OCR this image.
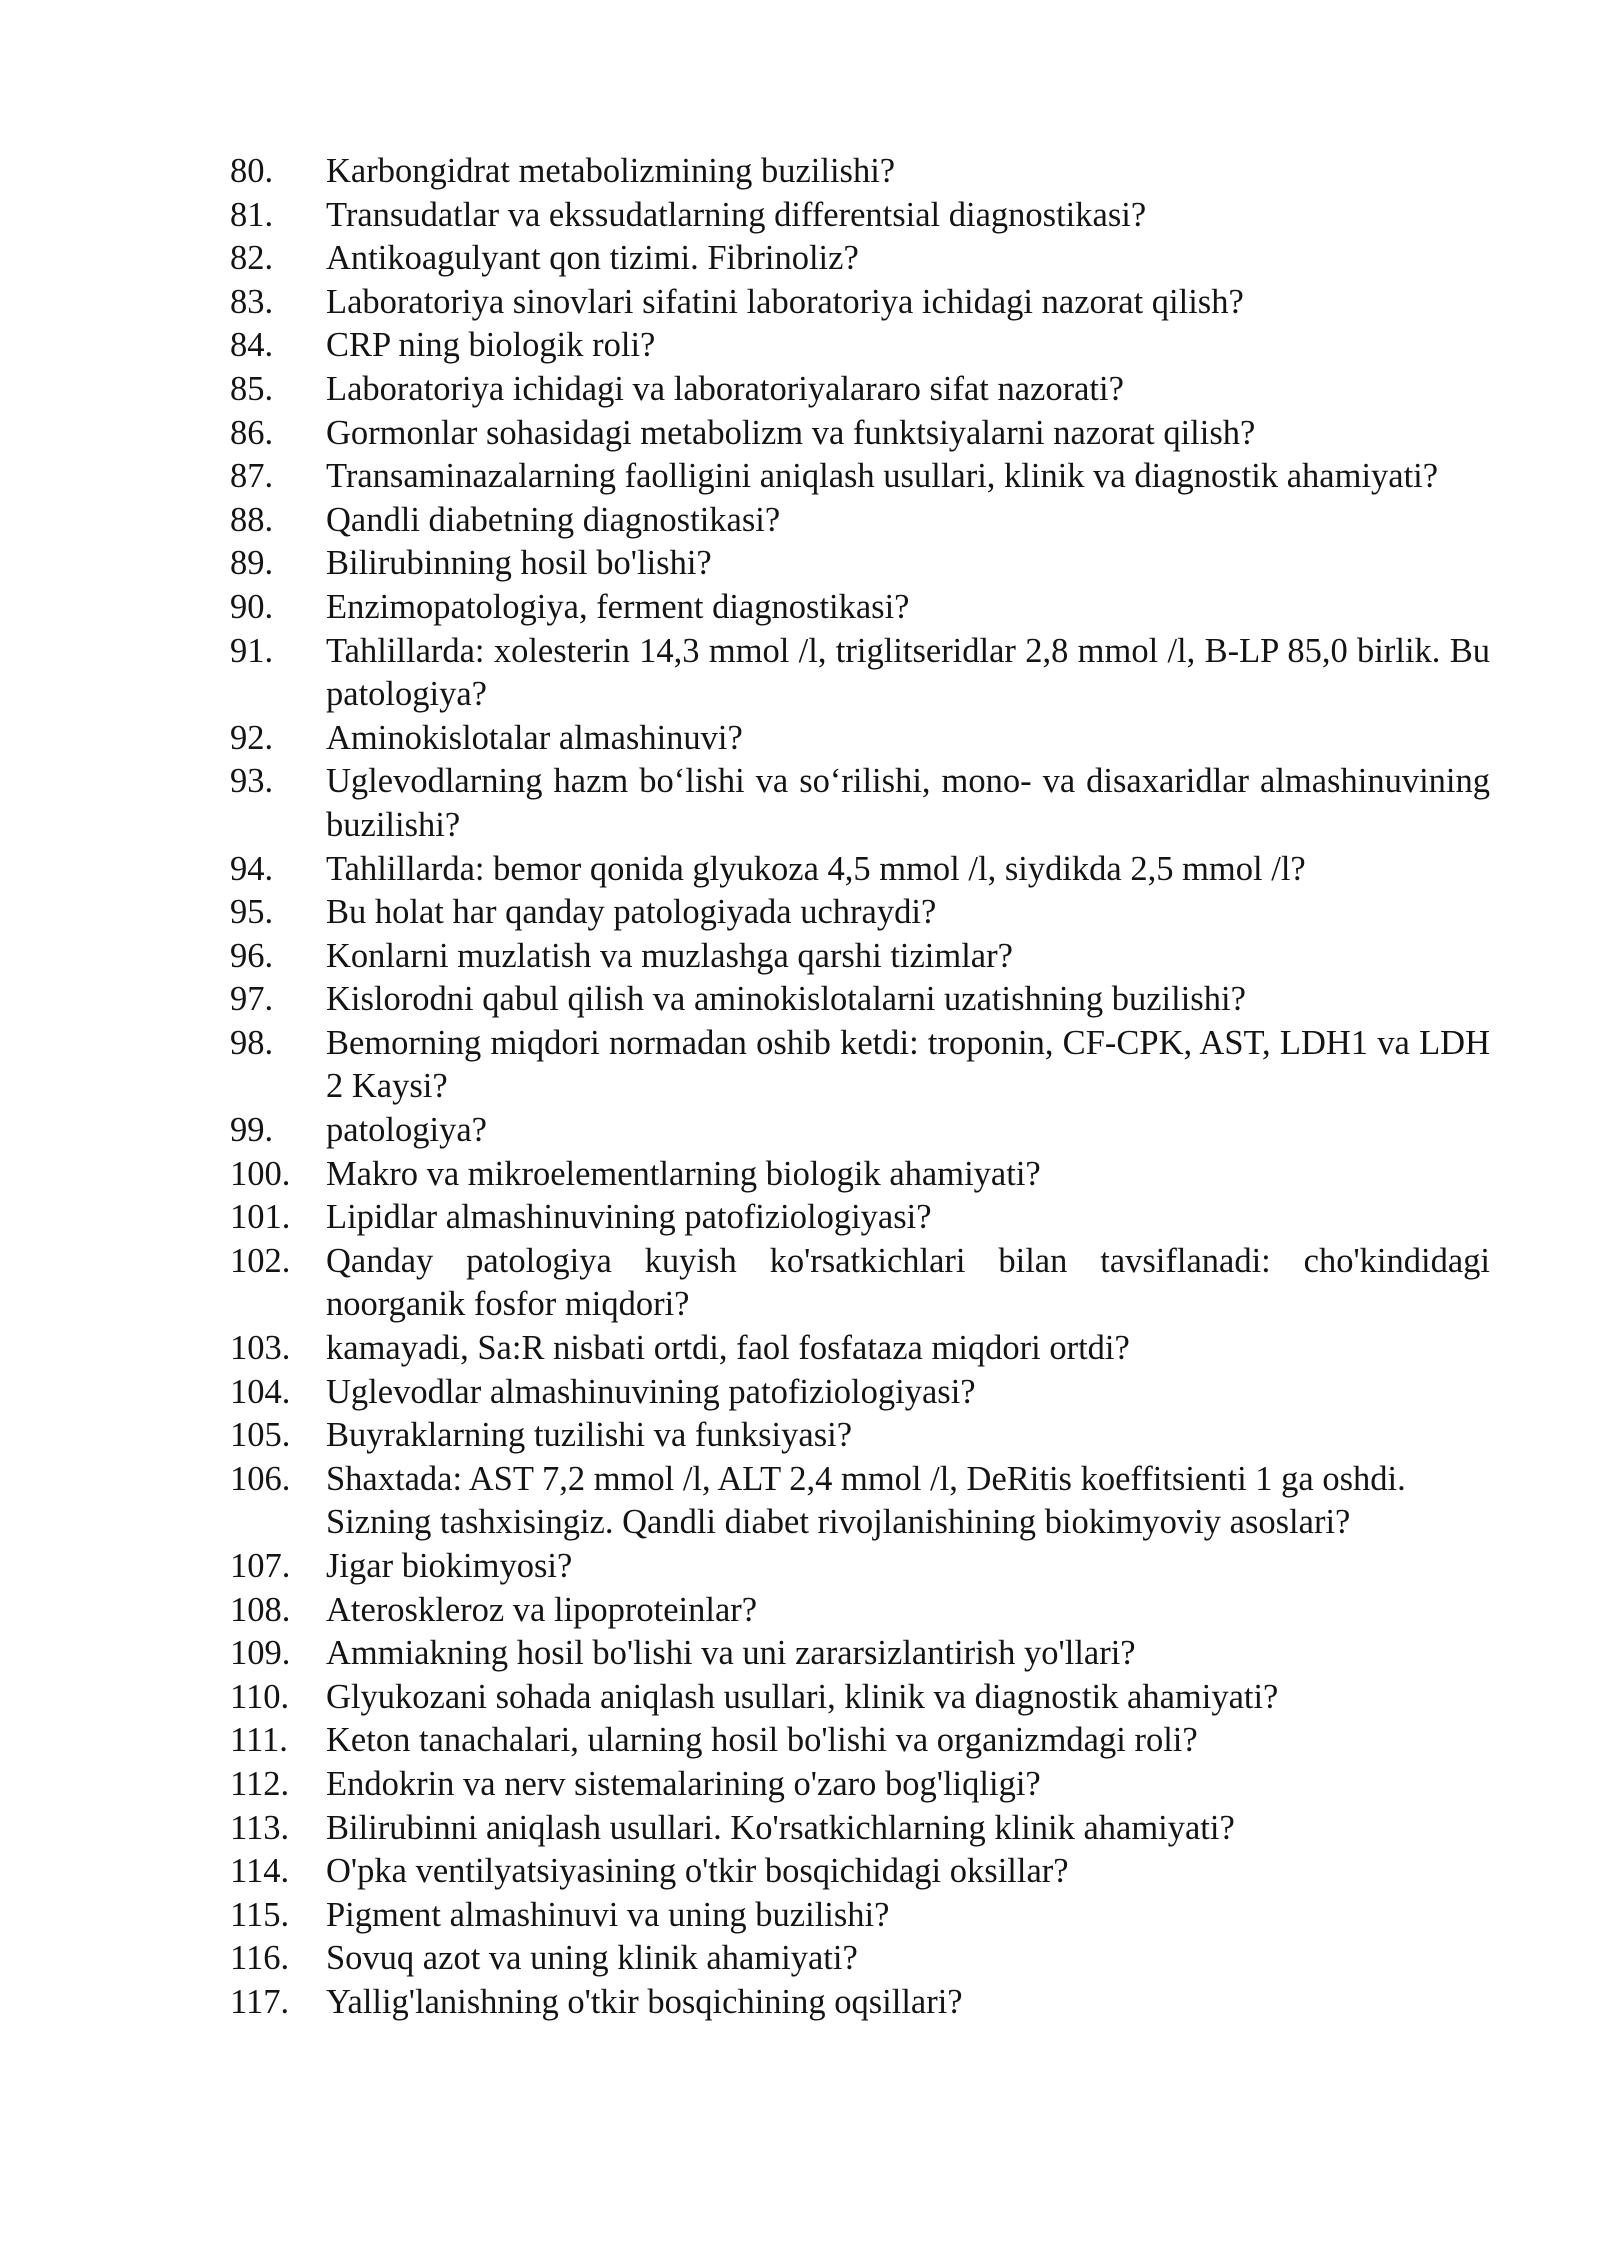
80.	Karbongidrat metabolizmining buzilishi?
81.	Transudatlar va ekssudatlarning differentsial diagnostikasi?
82.	Antikoagulyant qon tizimi. Fibrinoliz?
83.	Laboratoriya sinovlari sifatini laboratoriya ichidagi nazorat qilish?
84.	CRP ning biologik roli?
85.	Laboratoriya ichidagi va laboratoriyalararo sifat nazorati?
86.	Gormonlar sohasidagi metabolizm va funktsiyalarni nazorat qilish?
87.	Transaminazalarning faolligini aniqlash usullari, klinik va diagnostik ahamiyati?
88.	Qandli diabetning diagnostikasi?
89.	Bilirubinning hosil bo'lishi?
90.	Enzimopatologiya, ferment diagnostikasi?
91.	Tahlillarda: xolesterin 14,3 mmol /l, triglitseridlar 2,8 mmol /l, B-LP 85,0 birlik. Bu patologiya?
92.	Aminokislotalar almashinuvi?
93.	Uglevodlarning hazm bo‘lishi va so‘rilishi, mono- va disaxaridlar almashinuvining buzilishi?
94.	Tahlillarda: bemor qonida glyukoza 4,5 mmol /l, siydikda 2,5 mmol /l?
95.	Bu holat har qanday patologiyada uchraydi?
96.	Konlarni muzlatish va muzlashga qarshi tizimlar?
97.	Kislorodni qabul qilish va aminokislotalarni uzatishning buzilishi?
98.	Bemorning miqdori normadan oshib ketdi: troponin, CF-CPK, AST, LDH1 va LDH 2 Kaysi?
99.	patologiya?
100.	Makro va mikroelementlarning biologik ahamiyati?
101.	Lipidlar almashinuvining patofiziologiyasi?
102.	Qanday patologiya kuyish ko'rsatkichlari bilan tavsiflanadi: cho'kindidagi noorganik fosfor miqdori?
103.	kamayadi, Sa:R nisbati ortdi, faol fosfataza miqdori ortdi?
104.	Uglevodlar almashinuvining patofiziologiyasi?
105.	Buyraklarning tuzilishi va funksiyasi?
106.	Shaxtada: AST 7,2 mmol /l, ALT 2,4 mmol /l, DeRitis koeffitsienti 1 ga oshdi. Sizning tashxisingiz. Qandli diabet rivojlanishining biokimyoviy asoslari?
107.	Jigar biokimyosi?
108.	Ateroskleroz va lipoproteinlar?
109.	Ammiakning hosil bo'lishi va uni zararsizlantirish yo'llari?
110.	Glyukozani sohada aniqlash usullari, klinik va diagnostik ahamiyati?
111.	Keton tanachalari, ularning hosil bo'lishi va organizmdagi roli?
112.	Endokrin va nerv sistemalarining o'zaro bog'liqligi?
113.	Bilirubinni aniqlash usullari. Ko'rsatkichlarning klinik ahamiyati?
114.	O'pka ventilyatsiyasining o'tkir bosqichidagi oksillar?
115.	Pigment almashinuvi va uning buzilishi?
116.	Sovuq azot va uning klinik ahamiyati?
117.	Yallig'lanishning o'tkir bosqichining oqsillari?
